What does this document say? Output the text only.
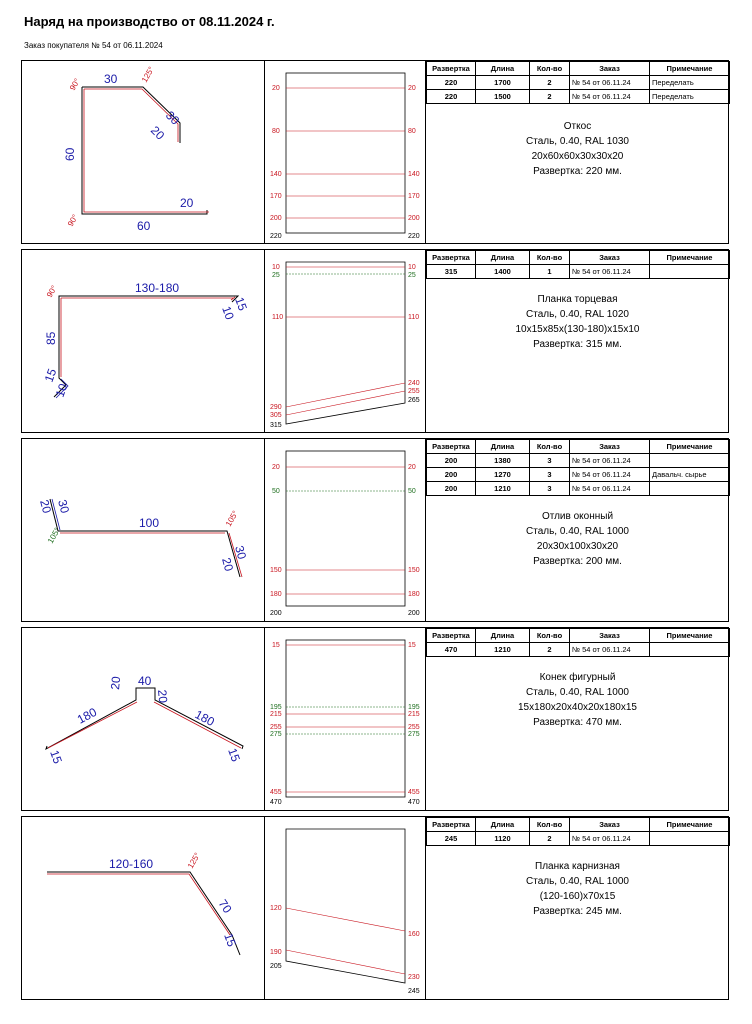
Наряд на производство от 08.11.2024 г.
Заказ покупателя № 54 от 06.11.2024
30
30
20
60
20
60
90°
125°
90°
20	20
80	80
140	140
170	170
200	200
220	220
Развертка	Длина	Кол-во	Заказ	Примечание
220	1700	2	№ 54 от 06.11.24	Переделать
220	1500	2	№ 54 от 06.11.24	Переделать
Откос
Сталь, 0.40, RAL 1030
20x60x60x30x30x20
Развертка: 220 мм.
130-180
15
10
85
15
10
90°
10	10
110	110
290
240
305
255
25	25
315
265
Развертка	Длина	Кол-во	Заказ	Примечание
315	1400	1	№ 54 от 06.11.24	
Планка торцевая
Сталь, 0.40, RAL 1020
10x15x85x(130-180)x15x10
Развертка: 315 мм.
20 30
100
30
20
105°
105°
20	20
150	150
180	180
50	50
200	200
Развертка	Длина	Кол-во	Заказ	Примечание
200	1380	3	№ 54 от 06.11.24	
200	1270	3	№ 54 от 06.11.24	Давальч. сырье
200	1210	3	№ 54 от 06.11.24	
Отлив оконный
Сталь, 0.40, RAL 1000
20x30x100x30x20
Развертка: 200 мм.
40
20
20
180	180
15	15
15	15
215	215
255	255
455	455
195	195
275	275
470	470
Развертка	Длина	Кол-во	Заказ	Примечание
470	1210	2	№ 54 от 06.11.24	
Конек фигурный
Сталь, 0.40, RAL 1000
15x180x20x40x20x180x15
Развертка: 470 мм.
120-160
70
15
125°
120
160
190
230
205
245
Развертка	Длина	Кол-во	Заказ	Примечание
245	1120	2	№ 54 от 06.11.24	
Планка карнизная
Сталь, 0.40, RAL 1000
(120-160)x70x15
Развертка: 245 мм.
